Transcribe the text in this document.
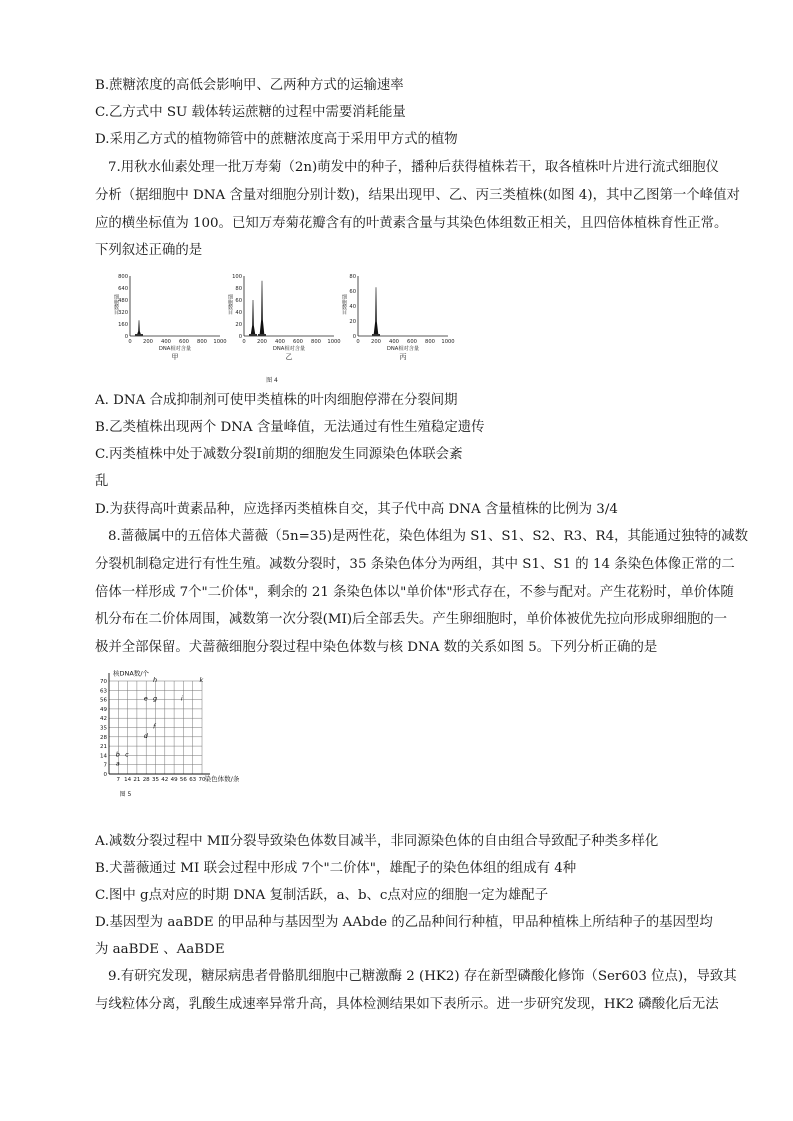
B.蔗糖浓度的高低会影响甲、乙两种方式的运输速率
C.乙方式中 SU 载体转运蔗糖的过程中需要消耗能量
D.采用乙方式的植物筛管中的蔗糖浓度高于采用甲方式的植物
7.用秋水仙素处理一批万寿菊（2n)萌发中的种子，播种后获得植株若干，取各植株叶片进行流式细胞仪
分析（据细胞中 DNA 含量对细胞分别计数)，结果出现甲、乙、丙三类植株(如图 4)，其中乙图第一个峰值对
应的横坐标值为 100。已知万寿菊花瓣含有的叶黄素含量与其染色体组数正相关，且四倍体植株育性正常。
下列叙述正确的是
800
640
480
320
160
0
细胞数目
0 200 400 600 800 1000
DNA相对含量
甲
100
80
60
40
20
0
细胞数目
0 200 400 600 800 1000
DNA相对含量
乙
80
60
40
20
0
细胞数目
0 200 400 600 800 1000
DNA相对含量
丙
图 4
A. DNA 合成抑制剂可使甲类植株的叶肉细胞停滞在分裂间期
B.乙类植株出现两个 DNA 含量峰值，无法通过有性生殖稳定遗传
C.丙类植株中处于减数分裂Ⅰ前期的细胞发生同源染色体联会紊
乱
D.为获得高叶黄素品种，应选择丙类植株自交，其子代中高 DNA 含量植株的比例为 3/4
8.蔷薇属中的五倍体犬蔷薇（5n=35)是两性花，染色体组为 S1、S1、S2、R3、R4，其能通过独特的减数
分裂机制稳定进行有性生殖。减数分裂时，35 条染色体分为两组，其中 S1、S1 的 14 条染色体像正常的二
倍体一样形成 7个"二价体"，剩余的 21 条染色体以"单价体"形式存在，不参与配对。产生花粉时，单价体随
机分布在二价体周围，减数第一次分裂(MI)后全部丢失。产生卵细胞时，单价体被优先拉向形成卵细胞的一
极并全部保留。犬蔷薇细胞分裂过程中染色体数与核 DNA 数的关系如图 5。下列分析正确的是
核DNA数/个
70
63
56
49
42
35
28
21
14
7
0
7 14 21 28 35 42 49 56 63 70 染色体数/条
a
b c
d
e
f
g
h
i
k
图 5
A.减数分裂过程中 MⅡ分裂导致染色体数目减半，非同源染色体的自由组合导致配子种类多样化
B.犬蔷薇通过 MI 联会过程中形成 7个"二价体"，雄配子的染色体组的组成有 4种
C.图中 g点对应的时期 DNA 复制活跃，a、b、c点对应的细胞一定为雄配子
D.基因型为 aaBDE 的甲品种与基因型为 AAbde 的乙品种间行种植，甲品种植株上所结种子的基因型均
为 aaBDE 、AaBDE
9.有研究发现，糖尿病患者骨骼肌细胞中己糖激酶 2 (HK2) 存在新型磷酸化修饰（Ser603 位点)，导致其
与线粒体分离，乳酸生成速率异常升高，具体检测结果如下表所示。进一步研究发现，HK2 磷酸化后无法
